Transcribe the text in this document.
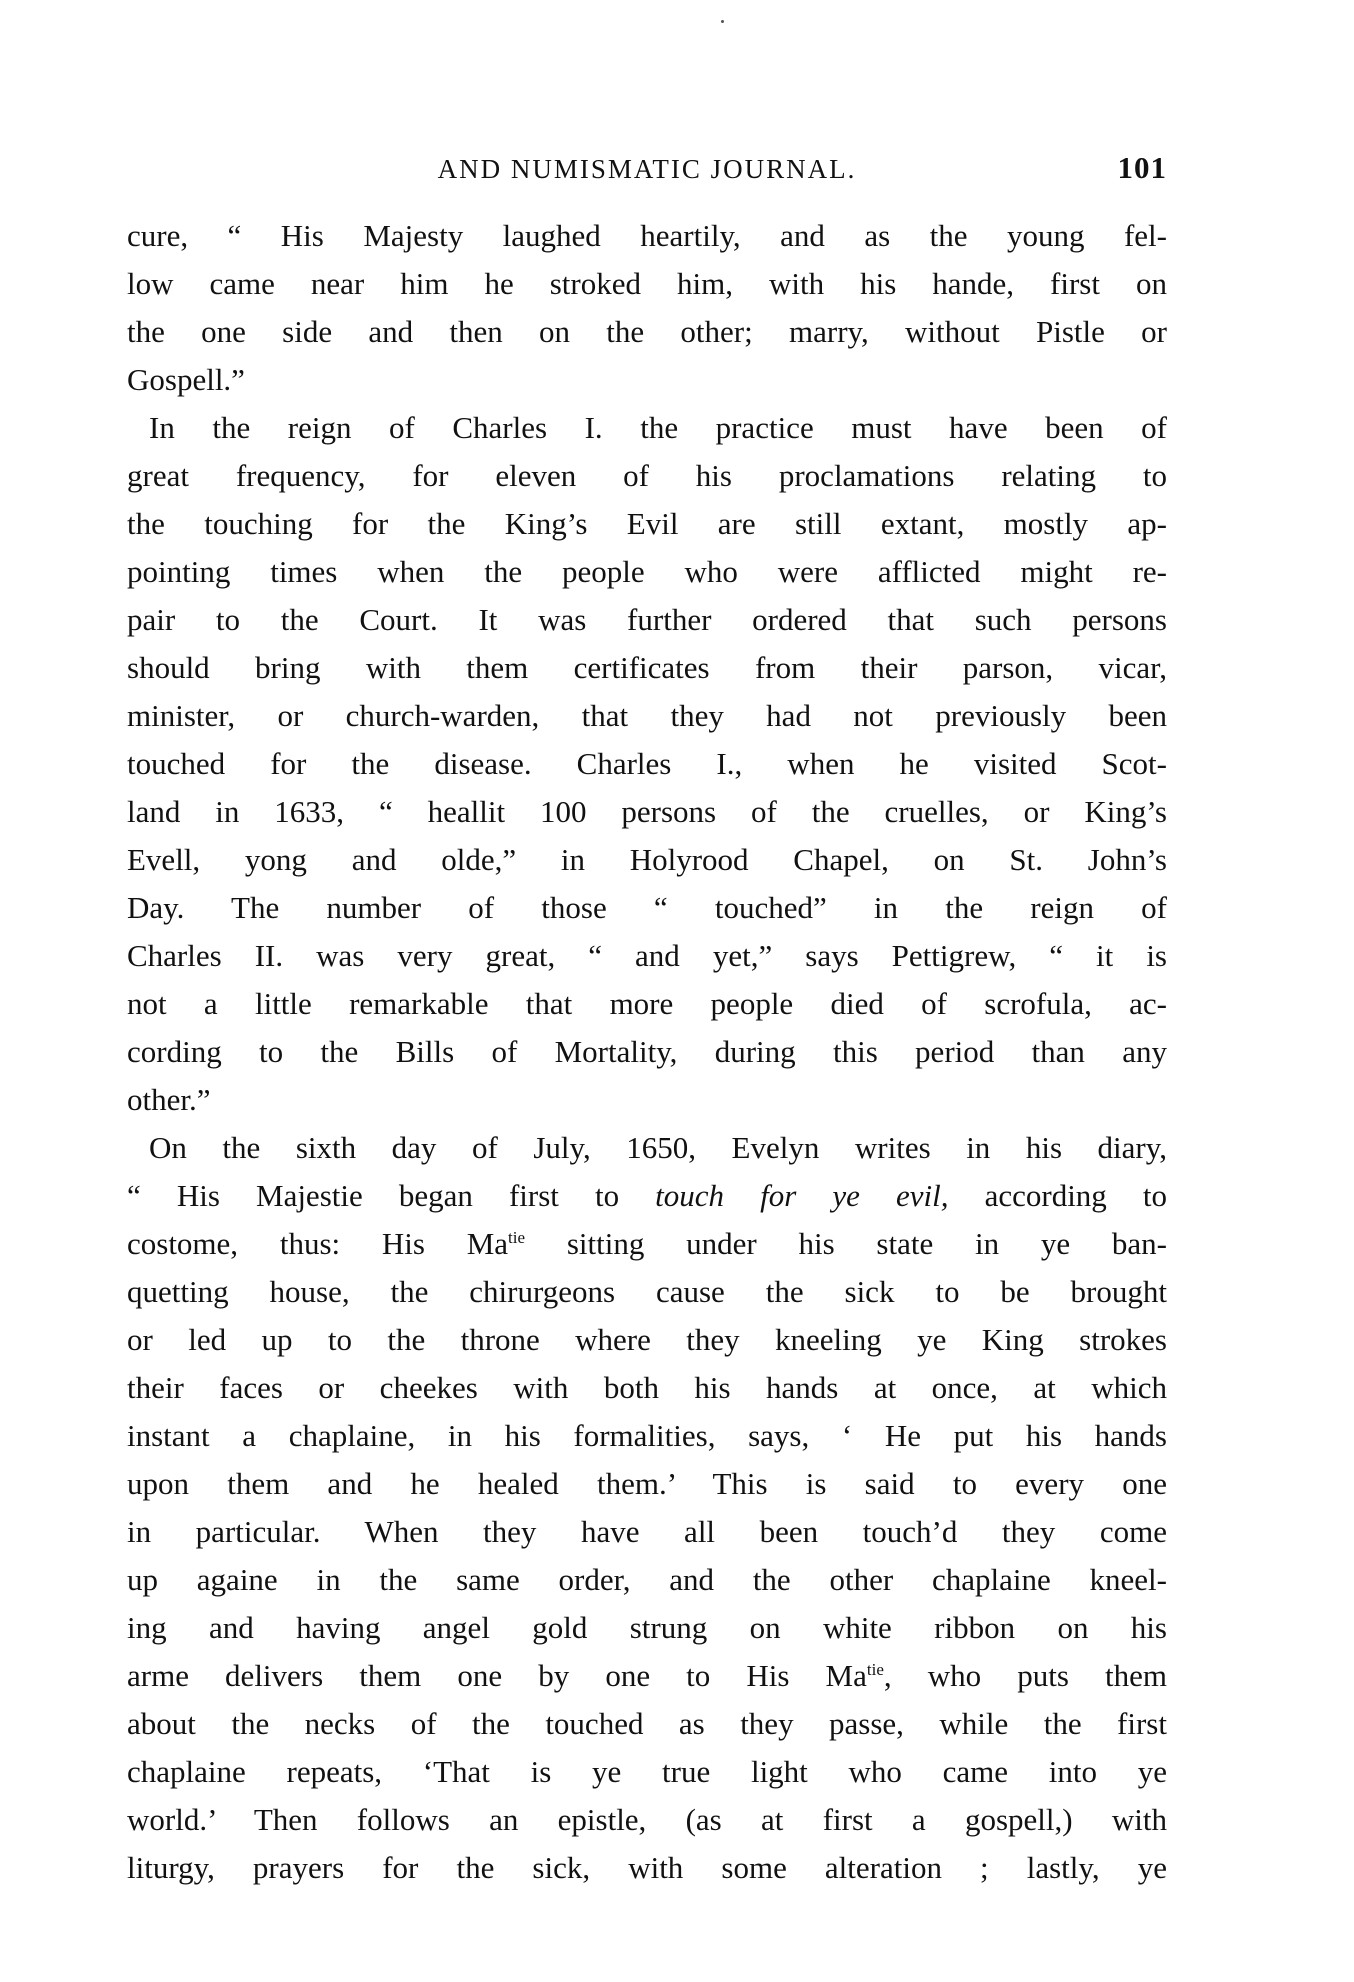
AND NUMISMATIC JOURNAL.	101
cure, “ His Majesty laughed heartily, and as the young fel-
low came near him he stroked him, with his hande, first on
the one side and then on the other; marry, without Pistle or
Gospell.”
In the reign of Charles I. the practice must have been of
great frequency, for eleven of his proclamations relating to
the touching for the King’s Evil are still extant, mostly ap-
pointing times when the people who were afflicted might re-
pair to the Court. It was further ordered that such persons
should bring with them certificates from their parson, vicar,
minister, or church-warden, that they had not previously been
touched for the disease. Charles I., when he visited Scot-
land in 1633, “ heallit 100 persons of the cruelles, or King’s
Evell, yong and olde,” in Holyrood Chapel, on St. John’s
Day. The number of those “ touched” in the reign of
Charles II. was very great, “ and yet,” says Pettigrew, “ it is
not a little remarkable that more people died of scrofula, ac-
cording to the Bills of Mortality, during this period than any
other.”
On the sixth day of July, 1650, Evelyn writes in his diary,
“ His Majestie began first to touch for ye evil, according to
costome, thus: His $Ma^{tie}$ sitting under his state in ye ban-
quetting house, the chirurgeons cause the sick to be brought
or led up to the throne where they kneeling ye King strokes
their faces or cheekes with both his hands at once, at which
instant a chaplaine, in his formalities, says, ‘ He put his hands
upon them and he healed them.’ This is said to every one
in particular. When they have all been touch’d they come
up againe in the same order, and the other chaplaine kneel-
ing and having angel gold strung on white ribbon on his
arme delivers them one by one to His $Ma^{tie}$, who puts them
about the necks of the touched as they passe, while the first
chaplaine repeats, ‘That is ye true light who came into ye
world.’ Then follows an epistle, (as at first a gospell,) with
liturgy, prayers for the sick, with some alteration ; lastly, ye
